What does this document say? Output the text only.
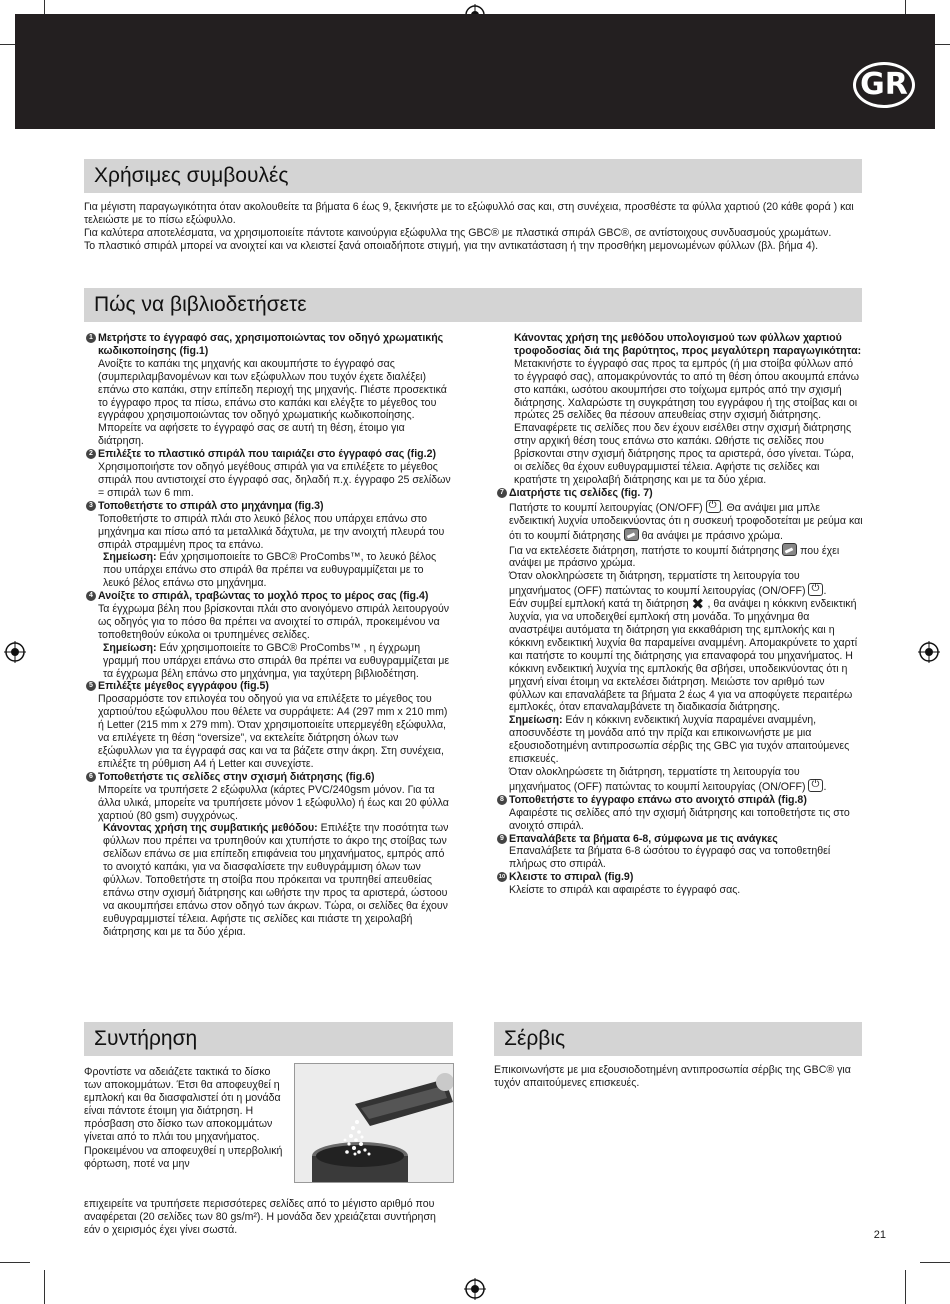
GR
Χρήσιμες συμβουλές

Για μέγιστη παραγωγικότητα όταν ακολουθείτε τα βήματα 6 έως 9, ξεκινήστε με το εξώφυλλό σας και, στη συνέχεια, προσθέστε τα φύλλα χαρτιού (20 κάθε φορά ) και τελειώστε με το πίσω εξώφυλλο.

Για καλύτερα αποτελέσματα, να χρησιμοποιείτε πάντοτε καινούργια εξώφυλλα της GBC® με πλαστικά σπιράλ GBC®, σε αντίστοιχους συνδυασμούς χρωμάτων.

Το πλαστικό σπιράλ μπορεί να ανοιχτεί και να κλειστεί ξανά οποιαδήποτε στιγμή, για την αντικατάσταση ή την προσθήκη μεμονωμένων φύλλων (βλ. βήμα 4).

Πώς να βιβλιοδετήσετε
1 Μετρήστε το έγγραφό σας, χρησιμοποιώντας τον οδηγό χρωματικής κωδικοποίησης (fig.1)

Ανοίξτε το καπάκι της μηχανής και ακουμπήστε το έγγραφό σας (συμπεριλαμβανομένων και των εξώφυλλων που τυχόν έχετε διαλέξει) επάνω στο καπάκι, στην επίπεδη περιοχή της μηχανής. Πιέστε προσεκτικά το έγγραφο προς τα πίσω, επάνω στο καπάκι και ελέγξτε το μέγεθος του εγγράφου χρησιμοποιώντας τον οδηγό χρωματικής κωδικοποίησης. Μπορείτε να αφήσετε το έγγραφό σας σε αυτή τη θέση, έτοιμο για διάτρηση.

2 Επιλέξτε το πλαστικό σπιράλ που ταιριάζει στο έγγραφό σας (fig.2)

Χρησιμοποιήστε τον οδηγό μεγέθους σπιράλ για να επιλέξετε το μέγεθος σπιράλ που αντιστοιχεί στο έγγραφό σας, δηλαδή π.χ. έγγραφο 25 σελίδων = σπιράλ των 6 mm.

3 Τοποθετήστε το σπιράλ στο μηχάνημα (fig.3)

Τοποθετήστε το σπιράλ πλάι στο λευκό βέλος που υπάρχει επάνω στο μηχάνημα και πίσω από τα μεταλλικά δάχτυλα, με την ανοιχτή πλευρά του σπιράλ στραμμένη προς τα επάνω.

Σημείωση: Εάν χρησιμοποιείτε το GBC® ProCombs™, το λευκό βέλος που υπάρχει επάνω στο σπιράλ θα πρέπει να ευθυγραμμίζεται με το λευκό βέλος επάνω στο μηχάνημα.

4 Ανοίξτε το σπιράλ, τραβώντας το μοχλό προς το μέρος σας (fig.4)

Τα έγχρωμα βέλη που βρίσκονται πλάι στο ανοιγόμενο σπιράλ λειτουργούν ως οδηγός για το πόσο θα πρέπει να ανοιχτεί το σπιράλ, προκειμένου να τοποθετηθούν εύκολα οι τρυπημένες σελίδες.

Σημείωση: Εάν χρησιμοποιείτε το GBC® ProCombs™ , η έγχρωμη γραμμή που υπάρχει επάνω στο σπιράλ θα πρέπει να ευθυγραμμίζεται με τα έγχρωμα βέλη επάνω στο μηχάνημα, για ταχύτερη βιβλιοδέτηση.

5 Επιλέξτε μέγεθος εγγράφου (fig.5)

Προσαρμόστε τον επιλογέα του οδηγού για να επιλέξετε το μέγεθος του χαρτιού/του εξώφυλλου που θέλετε να συρράψετε: A4 (297 mm x 210 mm) ή Letter (215 mm x 279 mm). Όταν χρησιμοποιείτε υπερμεγέθη εξώφυλλα, να επιλέγετε τη θέση “oversize”, να εκτελείτε διάτρηση όλων των εξώφυλλων για τα έγγραφά σας και να τα βάζετε στην άκρη. Στη συνέχεια, επιλέξτε τη ρύθμιση A4 ή Letter και συνεχίστε.

6 Τοποθετήστε τις σελίδες στην σχισμή διάτρησης (fig.6)

Μπορείτε να τρυπήσετε 2 εξώφυλλα (κάρτες PVC/240gsm μόνον. Για τα άλλα υλικά, μπορείτε να τρυπήσετε μόνον 1 εξώφυλλο) ή έως και 20 φύλλα χαρτιού (80 gsm) συγχρόνως.

Κάνοντας χρήση της συμβατικής μεθόδου: Επιλέξτε την ποσότητα των φύλλων που πρέπει να τρυπηθούν και χτυπήστε το άκρο της στοίβας των σελίδων επάνω σε μια επίπεδη επιφάνεια του μηχανήματος, εμπρός από το ανοιχτό καπάκι, για να διασφαλίσετε την ευθυγράμμιση όλων των φύλλων. Τοποθετήστε τη στοίβα που πρόκειται να τρυπηθεί απευθείας επάνω στην σχισμή διάτρησης και ωθήστε την προς τα αριστερά, ώστοου να ακουμπήσει επάνω στον οδηγό των άκρων. Τώρα, οι σελίδες θα έχουν ευθυγραμμιστεί τέλεια. Αφήστε τις σελίδες και πιάστε τη χειρολαβή διάτρησης και με τα δύο χέρια.

Κάνοντας χρήση της μεθόδου υπολογισμού των φύλλων χαρτιού τροφοδοσίας διά της βαρύτητος, προς μεγαλύτερη παραγωγικότητα: Μετακινήστε το έγγραφό σας προς τα εμπρός (ή μια στοίβα φύλλων από το έγγραφό σας), απομακρύνοντάς το από τη θέση όπου ακουμπά επάνω στο καπάκι, ωσότου ακουμπήσει στο τοίχωμα εμπρός από την σχισμή διάτρησης. Χαλαρώστε τη συγκράτηση του εγγράφου ή της στοίβας και οι πρώτες 25 σελίδες θα πέσουν απευθείας στην σχισμή διάτρησης. Επαναφέρετε τις σελίδες που δεν έχουν εισέλθει στην σχισμή διάτρησης στην αρχική θέση τους επάνω στο καπάκι. Ωθήστε τις σελίδες που βρίσκονται στην σχισμή διάτρησης προς τα αριστερά, όσο γίνεται. Τώρα, οι σελίδες θα έχουν ευθυγραμμιστεί τέλεια. Αφήστε τις σελίδες και κρατήστε τη χειρολαβή διάτρησης και με τα δύο χέρια.

7 Διατρήστε τις σελίδες (fig. 7)

Πατήστε το κουμπί λειτουργίας (ON/OFF) ⏻. Θα ανάψει μια μπλε ενδεικτική λυχνία υποδεικνύοντας ότι η συσκευή τροφοδοτείται με ρεύμα και ότι το κουμπί διάτρησης  θα ανάψει με πράσινο χρώμα.

Για να εκτελέσετε διάτρηση, πατήστε το κουμπί διάτρησης  που έχει ανάψει με πράσινο χρώμα.

Όταν ολοκληρώσετε τη διάτρηση, τερματίστε τη λειτουργία του μηχανήματος (OFF) πατώντας το κουμπί λειτουργίας (ON/OFF) ⏻.

Εάν συμβεί εμπλοκή κατά τη διάτρηση ✖ , θα ανάψει η κόκκινη ενδεικτική λυχνία, για να υποδειχθεί εμπλοκή στη μονάδα. Το μηχάνημα θα αναστρέψει αυτόματα τη διάτρηση για εκκαθάριση της εμπλοκής και η κόκκινη ενδεικτική λυχνία θα παραμείνει αναμμένη. Απομακρύνετε το χαρτί και πατήστε το κουμπί της διάτρησης για επαναφορά του μηχανήματος. Η κόκκινη ενδεικτική λυχνία της εμπλοκής θα σβήσει, υποδεικνύοντας ότι η μηχανή είναι έτοιμη να εκτελέσει διάτρηση. Μειώστε τον αριθμό των φύλλων και επαναλάβετε τα βήματα 2 έως 4 για να αποφύγετε περαιτέρω εμπλοκές, όταν επαναλαμβάνετε τη διαδικασία διάτρησης.

Σημείωση: Εάν η κόκκινη ενδεικτική λυχνία παραμένει αναμμένη, αποσυνδέστε τη μονάδα από την πρίζα και επικοινωνήστε με μια εξουσιοδοτημένη αντιπροσωπία σέρβις της GBC για τυχόν απαιτούμενες επισκευές.

Όταν ολοκληρώσετε τη διάτρηση, τερματίστε τη λειτουργία του μηχανήματος (OFF) πατώντας το κουμπί λειτουργίας (ON/OFF) ⏻.

8 Τοποθετήστε το έγγραφο επάνω στο ανοιχτό σπιράλ (fig.8)

Αφαιρέστε τις σελίδες από την σχισμή διάτρησης και τοποθετήστε τις στο ανοιχτό σπιράλ.

9 Επαναλάβετε τα βήματα 6-8, σύμφωνα με τις ανάγκες

Επαναλάβετε τα βήματα 6-8 ώσότου το έγγραφό σας να τοποθετηθεί πλήρως στο σπιράλ.

10 Κλειστε το σπιραλ (fig.9)

Κλείστε το σπιράλ και αφαιρέστε το έγγραφό σας.

Συντήρηση

Φροντίστε να αδειάζετε τακτικά το δίσκο των αποκομμάτων. Έτσι θα αποφευχθεί η εμπλοκή και θα διασφαλιστεί ότι η μονάδα είναι πάντοτε έτοιμη για διάτρηση. Η πρόσβαση στο δίσκο των αποκομμάτων γίνεται από το πλάι του μηχανήματος. Προκειμένου να αποφευχθεί η υπερβολική φόρτωση, ποτέ να μην

επιχειρείτε να τρυπήσετε περισσότερες σελίδες από το μέγιστο αριθμό που αναφέρεται (20 σελίδες των 80 gs/m²). Η μονάδα δεν χρειάζεται συντήρηση εάν ο χειρισμός έχει γίνει σωστά.

Σέρβις

Επικοινωνήστε με μια εξουσιοδοτημένη αντιπροσωπία σέρβις της GBC® για τυχόν απαιτούμενες επισκευές.

21
